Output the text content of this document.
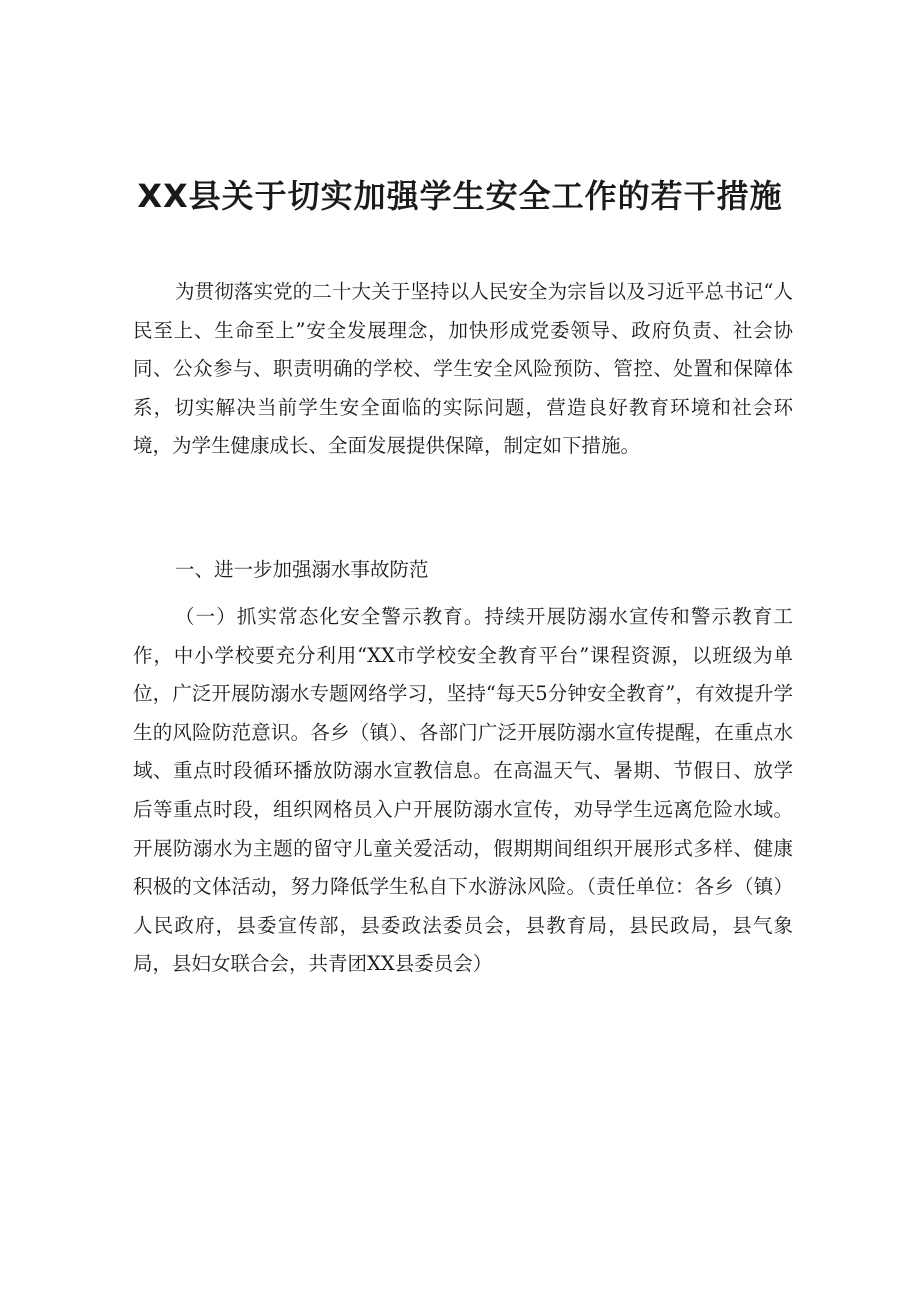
XX县关于切实加强学生安全工作的若干措施

为贯彻落实党的二十大关于坚持以人民安全为宗旨以及习近平总书记“人民至上、生命至上”安全发展理念，加快形成党委领导、政府负责、社会协同、公众参与、职责明确的学校、学生安全风险预防、管控、处置和保障体系，切实解决当前学生安全面临的实际问题，营造良好教育环境和社会环境，为学生健康成长、全面发展提供保障，制定如下措施。

一、进一步加强溺水事故防范

（一）抓实常态化安全警示教育。持续开展防溺水宣传和警示教育工作，中小学校要充分利用“XX市学校安全教育平台”课程资源，以班级为单位，广泛开展防溺水专题网络学习，坚持“每天5分钟安全教育”，有效提升学生的风险防范意识。各乡（镇）、各部门广泛开展防溺水宣传提醒，在重点水域、重点时段循环播放防溺水宣教信息。在高温天气、暑期、节假日、放学后等重点时段，组织网格员入户开展防溺水宣传，劝导学生远离危险水域。开展防溺水为主题的留守儿童关爱活动，假期期间组织开展形式多样、健康积极的文体活动，努力降低学生私自下水游泳风险。（责任单位：各乡（镇）人民政府，县委宣传部，县委政法委员会，县教育局，县民政局，县气象局，县妇女联合会，共青团XX县委员会）
